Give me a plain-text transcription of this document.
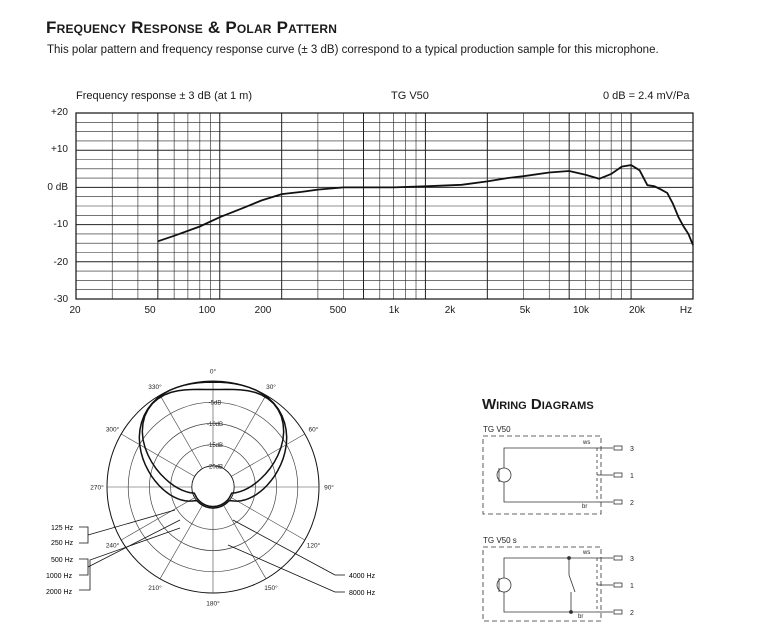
Frequency Response & Polar Pattern

This polar pattern and frequency response curve (± 3 dB) correspond to a typical production sample for this microphone.

Frequency response ± 3 dB (at 1 m)	TG V50	0 dB = 2.4 mV/Pa
+20
+10
0 dB
-10
-20
-30
20	50	100	200	500	1k	2k	5k	10k	20k	Hz
0°
30°
60°
90°
120°
150°
180°
210°
240°
270°
300°
330°
-5dB
-10dB
-15dB
-20dB
125 Hz
250 Hz
500 Hz
1000 Hz
2000 Hz
4000 Hz
8000 Hz
Wiring Diagrams
TG V50
ws
br
3
1
2
TG V50 s
ws
br
3
1
2
